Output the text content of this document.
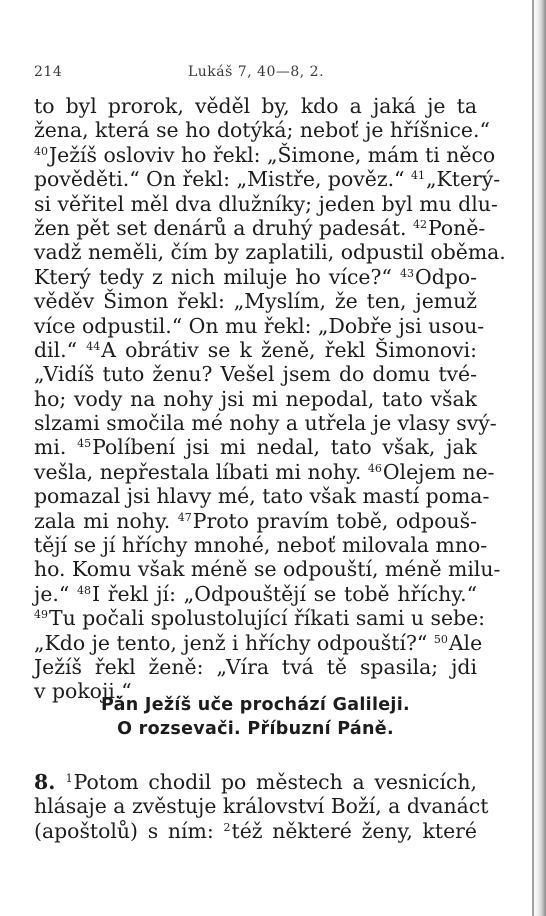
214	Lukáš 7, 40—8, 2.
to byl prorok, věděl by, kdo a jaká je ta
žena, která se ho dotýká; neboť je hříšnice.“
$^{40}$Ježíš osloviv ho řekl: „Šimone, mám ti něco
pověděti.“ On řekl: „Mistře, pověz.“ $^{41}$„Který-
si věřitel měl dva dlužníky; jeden byl mu dlu-
žen pět set denárů a druhý padesát. $^{42}$Poně-
vadž neměli, čím by zaplatili, odpustil oběma.
Který tedy z nich miluje ho více?“ $^{43}$Odpo-
věděv Šimon řekl: „Myslím, že ten, jemuž
více odpustil.“ On mu řekl: „Dobře jsi usou-
dil.“ $^{44}$A obrátiv se k ženě, řekl Šimonovi:
„Vidíš tuto ženu? Vešel jsem do domu tvé-
ho; vody na nohy jsi mi nepodal, tato však
slzami smočila mé nohy a utřela je vlasy svý-
mi. $^{45}$Políbení jsi mi nedal, tato však, jak
vešla, nepřestala líbati mi nohy. $^{46}$Olejem ne-
pomazal jsi hlavy mé, tato však mastí poma-
zala mi nohy. $^{47}$Proto pravím tobě, odpouš-
tějí se jí hříchy mnohé, neboť milovala mno-
ho. Komu však méně se odpouští, méně milu-
je.“ $^{48}$I řekl jí: „Odpouštějí se tobě hříchy.“
$^{49}$Tu počali spolustolující říkati sami u sebe:
„Kdo je tento, jenž i hříchy odpouští?“ $^{50}$Ale
Ježíš řekl ženě: „Víra tvá tě spasila; jdi
v pokoji.“
Pán Ježíš uče prochází Galileji.
O rozsevači. Příbuzní Páně.
8. $^1$Potom chodil po městech a vesnicích,
hlásaje a zvěstuje království Boží, a dvanáct
(apoštolů) s ním: $^2$též některé ženy, které
